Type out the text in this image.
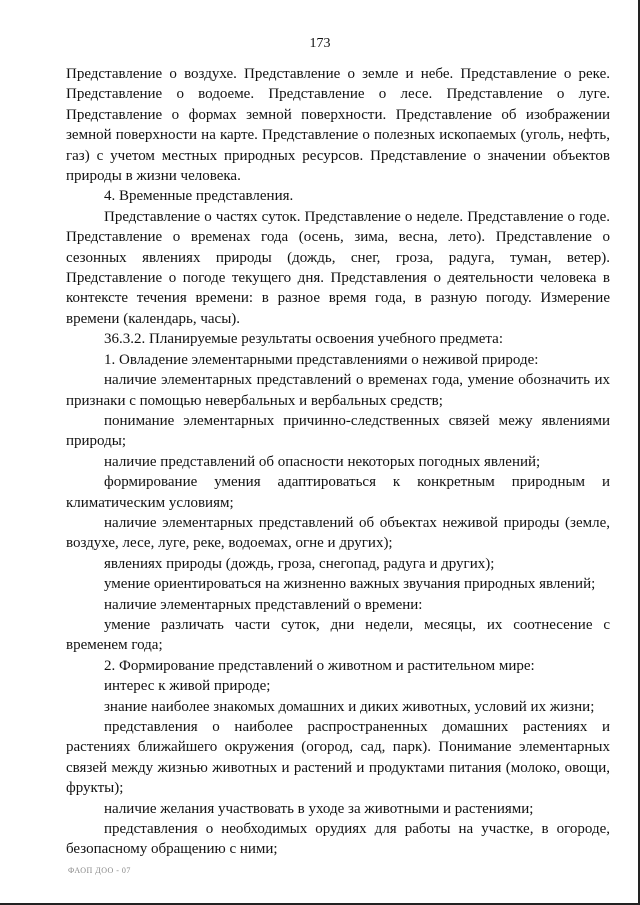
173

Представление о воздухе. Представление о земле и небе. Представление о реке. Представление о водоеме. Представление о лесе. Представление о луге. Представление о формах земной поверхности. Представление об изображении земной поверхности на карте. Представление о полезных ископаемых (уголь, нефть, газ) с учетом местных природных ресурсов. Представление о значении объектов природы в жизни человека.

4. Временные представления.

Представление о частях суток. Представление о неделе. Представление о годе. Представление о временах года (осень, зима, весна, лето). Представление о сезонных явлениях природы (дождь, снег, гроза, радуга, туман, ветер). Представление о погоде текущего дня. Представления о деятельности человека в контексте течения времени: в разное время года, в разную погоду. Измерение времени (календарь, часы).

36.3.2. Планируемые результаты освоения учебного предмета:

1. Овладение элементарными представлениями о неживой природе:

наличие элементарных представлений о временах года, умение обозначить их признаки с помощью невербальных и вербальных средств;

понимание элементарных причинно-следственных связей межу явлениями природы;

наличие представлений об опасности некоторых погодных явлений;

формирование умения адаптироваться к конкретным природным и климатическим условиям;

наличие элементарных представлений об объектах неживой природы (земле, воздухе, лесе, луге, реке, водоемах, огне и других);

явлениях природы (дождь, гроза, снегопад, радуга и других);

умение ориентироваться на жизненно важных звучания природных явлений;

наличие элементарных представлений о времени:

умение различать части суток, дни недели, месяцы, их соотнесение с временем года;

2. Формирование представлений о животном и растительном мире:

интерес к живой природе;

знание наиболее знакомых домашних и диких животных, условий их жизни;

представления о наиболее распространенных домашних растениях и растениях ближайшего окружения (огород, сад, парк). Понимание элементарных связей между жизнью животных и растений и продуктами питания (молоко, овощи, фрукты);

наличие желания участвовать в уходе за животными и растениями;

представления о необходимых орудиях для работы на участке, в огороде, безопасному обращению с ними;

ФАОП ДОО - 07
